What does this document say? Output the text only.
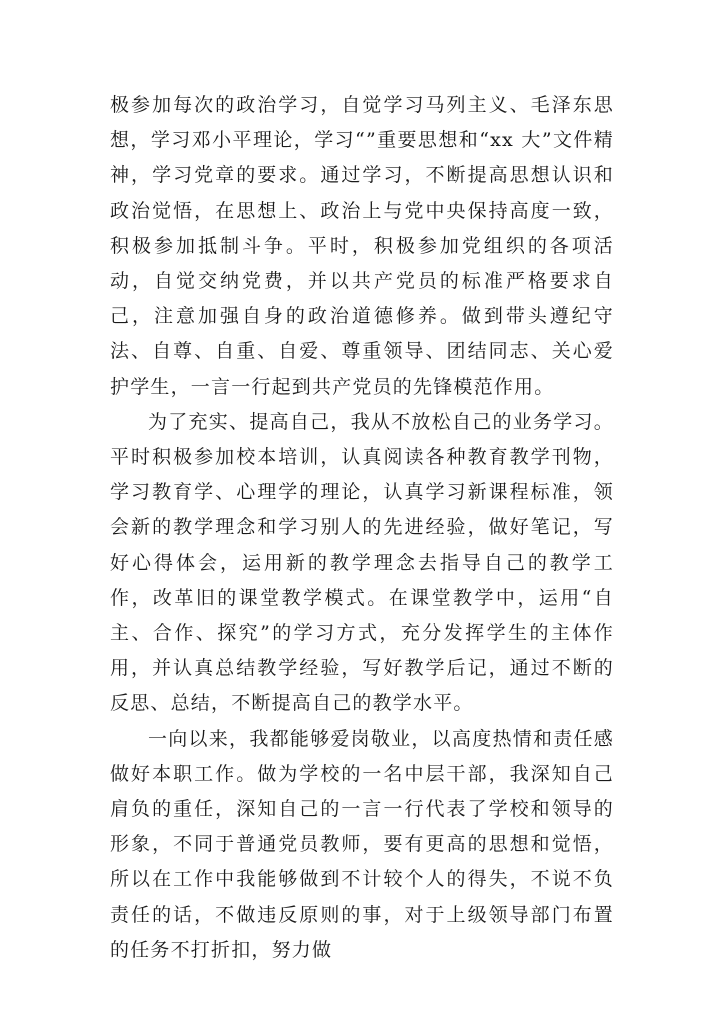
极参加每次的政治学习，自觉学习马列主义、毛泽东思想，学习邓小平理论，学习“”重要思想和“xx 大”文件精神，学习党章的要求。通过学习，不断提高思想认识和政治觉悟，在思想上、政治上与党中央保持高度一致，积极参加抵制斗争。平时，积极参加党组织的各项活动，自觉交纳党费，并以共产党员的标准严格要求自己，注意加强自身的政治道德修养。做到带头遵纪守法、自尊、自重、自爱、尊重领导、团结同志、关心爱护学生，一言一行起到共产党员的先锋模范作用。

为了充实、提高自己，我从不放松自己的业务学习。平时积极参加校本培训，认真阅读各种教育教学刊物，学习教育学、心理学的理论，认真学习新课程标准，领会新的教学理念和学习别人的先进经验，做好笔记，写好心得体会，运用新的教学理念去指导自己的教学工作，改革旧的课堂教学模式。在课堂教学中，运用“自主、合作、探究”的学习方式，充分发挥学生的主体作用，并认真总结教学经验，写好教学后记，通过不断的反思、总结，不断提高自己的教学水平。

一向以来，我都能够爱岗敬业，以高度热情和责任感做好本职工作。做为学校的一名中层干部，我深知自己肩负的重任，深知自己的一言一行代表了学校和领导的形象，不同于普通党员教师，要有更高的思想和觉悟，所以在工作中我能够做到不计较个人的得失，不说不负责任的话，不做违反原则的事，对于上级领导部门布置的任务不打折扣，努力做
